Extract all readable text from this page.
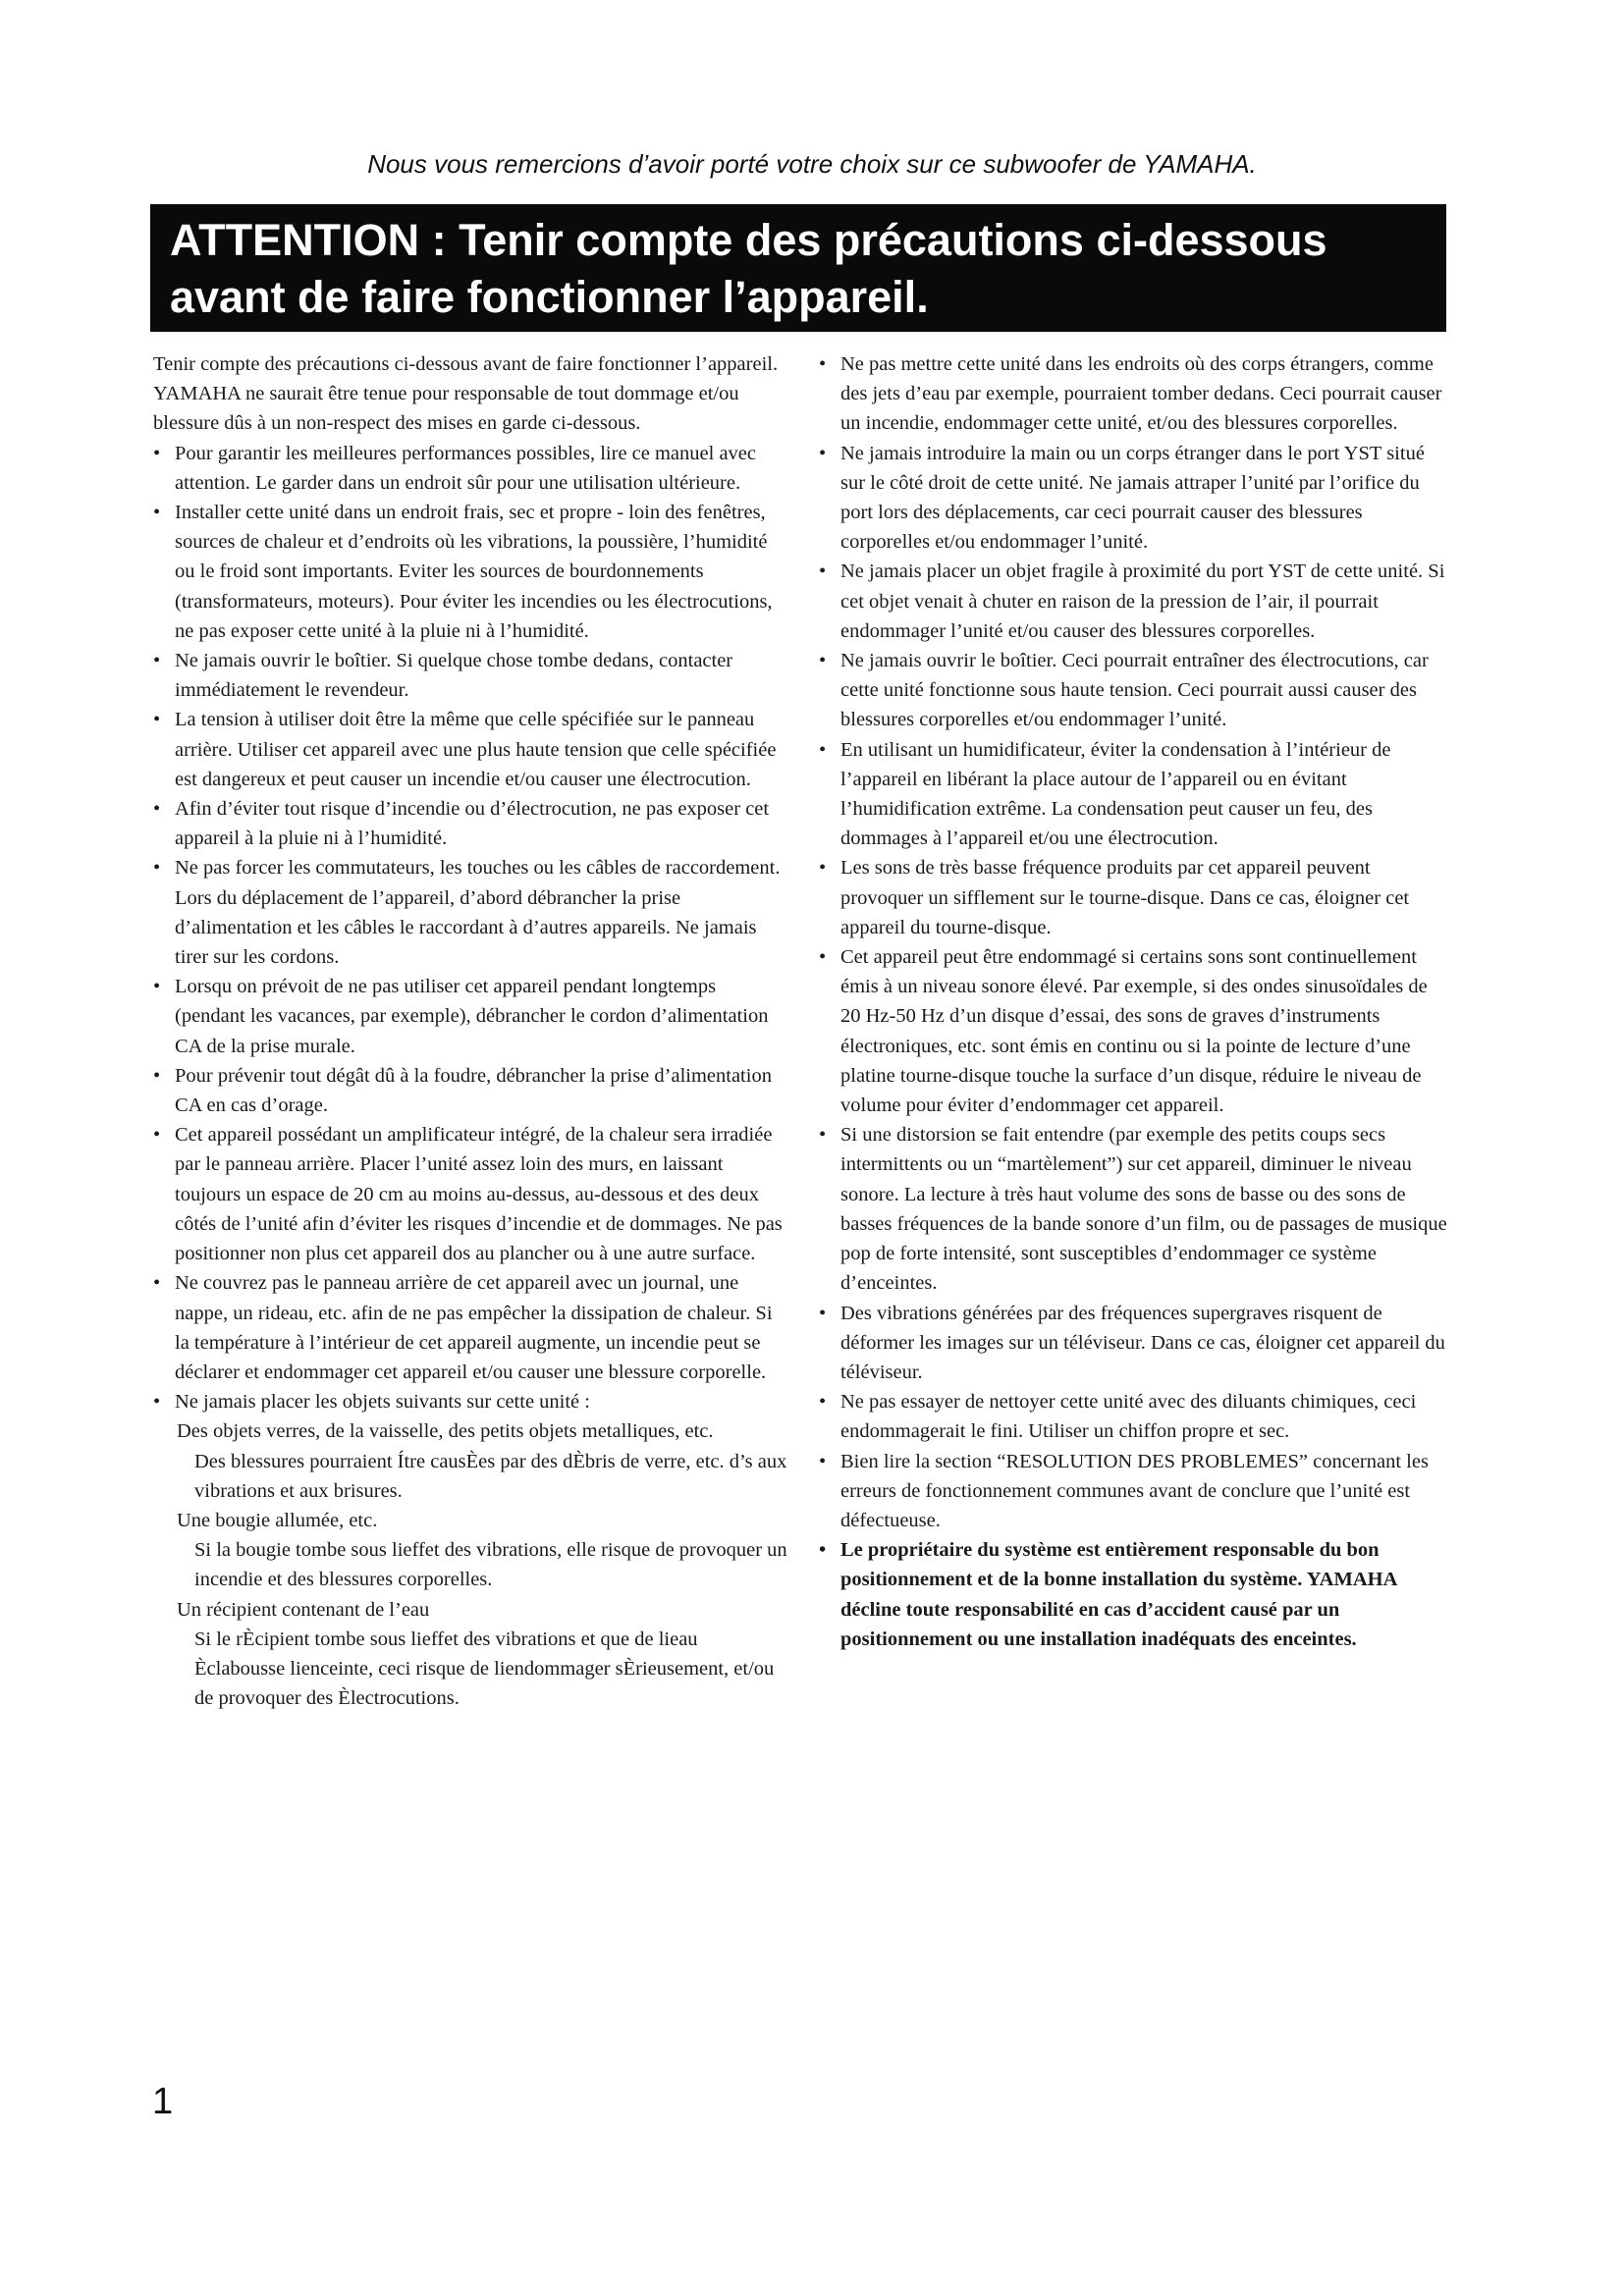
Nous vous remercions d’avoir porté votre choix sur ce subwoofer de YAMAHA.
ATTENTION : Tenir compte des précautions ci-dessous
avant de faire fonctionner l’appareil.

Tenir compte des précautions ci-dessous avant de faire fonctionner l’appareil. YAMAHA ne saurait être tenue pour responsable de tout dommage et/ou blessure dûs à un non-respect des mises en garde ci-dessous.

• Pour garantir les meilleures performances possibles, lire ce manuel avec attention. Le garder dans un endroit sûr pour une utilisation ultérieure.

• Installer cette unité dans un endroit frais, sec et propre - loin des fenêtres, sources de chaleur et d’endroits où les vibrations, la poussière, l’humidité ou le froid sont importants. Eviter les sources de bourdonnements (transformateurs, moteurs). Pour éviter les incendies ou les électrocutions, ne pas exposer cette unité à la pluie ni à l’humidité.

• Ne jamais ouvrir le boîtier. Si quelque chose tombe dedans, contacter immédiatement le revendeur.

• La tension à utiliser doit être la même que celle spécifiée sur le panneau arrière. Utiliser cet appareil avec une plus haute tension que celle spécifiée est dangereux et peut causer un incendie et/ou causer une électrocution.

• Afin d’éviter tout risque d’incendie ou d’électrocution, ne pas exposer cet appareil à la pluie ni à l’humidité.

• Ne pas forcer les commutateurs, les touches ou les câbles de raccordement. Lors du déplacement de l’appareil, d’abord débrancher la prise d’alimentation et les câbles le raccordant à d’autres appareils. Ne jamais tirer sur les cordons.

• Lorsqu on prévoit de ne pas utiliser cet appareil pendant longtemps (pendant les vacances, par exemple), débrancher le cordon d’alimentation CA de la prise murale.

• Pour prévenir tout dégât dû à la foudre, débrancher la prise d’alimentation CA en cas d’orage.

• Cet appareil possédant un amplificateur intégré, de la chaleur sera irradiée par le panneau arrière. Placer l’unité assez loin des murs, en laissant toujours un espace de 20 cm au moins au-dessus, au-dessous et des deux côtés de l’unité afin d’éviter les risques d’incendie et de dommages. Ne pas positionner non plus cet appareil dos au plancher ou à une autre surface.

• Ne couvrez pas le panneau arrière de cet appareil avec un journal, une nappe, un rideau, etc. afin de ne pas empêcher la dissipation de chaleur. Si la température à l’intérieur de cet appareil augmente, un incendie peut se déclarer et endommager cet appareil et/ou causer une blessure corporelle.

• Ne jamais placer les objets suivants sur cette unité :

Des objets verres, de la vaisselle, des petits objets metalliques, etc.

Des blessures pourraient Ítre causÈes par des dÈbris de verre, etc. d’s aux vibrations et aux brisures.

Une bougie allumée, etc.

Si la bougie tombe sous lieffet des vibrations, elle risque de provoquer un incendie et des blessures corporelles.

Un récipient contenant de l’eau

Si le rÈcipient tombe sous lieffet des vibrations et que de lieau Èclabousse lienceinte, ceci risque de liendommager sÈrieusement, et/ou de provoquer des Èlectrocutions.

• Ne pas mettre cette unité dans les endroits où des corps étrangers, comme des jets d’eau par exemple, pourraient tomber dedans. Ceci pourrait causer un incendie, endommager cette unité, et/ou des blessures corporelles.

• Ne jamais introduire la main ou un corps étranger dans le port YST situé sur le côté droit de cette unité. Ne jamais attraper l’unité par l’orifice du port lors des déplacements, car ceci pourrait causer des blessures corporelles et/ou endommager l’unité.

• Ne jamais placer un objet fragile à proximité du port YST de cette unité. Si cet objet venait à chuter en raison de la pression de l’air, il pourrait endommager l’unité et/ou causer des blessures corporelles.

• Ne jamais ouvrir le boîtier. Ceci pourrait entraîner des électrocutions, car cette unité fonctionne sous haute tension. Ceci pourrait aussi causer des blessures corporelles et/ou endommager l’unité.

• En utilisant un humidificateur, éviter la condensation à l’intérieur de l’appareil en libérant la place autour de l’appareil ou en évitant l’humidification extrême. La condensation peut causer un feu, des dommages à l’appareil et/ou une électrocution.

• Les sons de très basse fréquence produits par cet appareil peuvent provoquer un sifflement sur le tourne-disque. Dans ce cas, éloigner cet appareil du tourne-disque.

• Cet appareil peut être endommagé si certains sons sont continuellement émis à un niveau sonore élevé. Par exemple, si des ondes sinusoïdales de 20 Hz-50 Hz d’un disque d’essai, des sons de graves d’instruments électroniques, etc. sont émis en continu ou si la pointe de lecture d’une platine tourne-disque touche la surface d’un disque, réduire le niveau de volume pour éviter d’endommager cet appareil.

• Si une distorsion se fait entendre (par exemple des petits coups secs intermittents ou un “martèlement”) sur cet appareil, diminuer le niveau sonore. La lecture à très haut volume des sons de basse ou des sons de basses fréquences de la bande sonore d’un film, ou de passages de musique pop de forte intensité, sont susceptibles d’endommager ce système d’enceintes.

• Des vibrations générées par des fréquences supergraves risquent de déformer les images sur un téléviseur. Dans ce cas, éloigner cet appareil du téléviseur.

• Ne pas essayer de nettoyer cette unité avec des diluants chimiques, ceci endommagerait le fini. Utiliser un chiffon propre et sec.

• Bien lire la section “RESOLUTION DES PROBLEMES” concernant les erreurs de fonctionnement communes avant de conclure que l’unité est défectueuse.

• Le propriétaire du système est entièrement responsable du bon positionnement et de la bonne installation du système. YAMAHA décline toute responsabilité en cas d’accident causé par un positionnement ou une installation inadéquats des enceintes.

1
